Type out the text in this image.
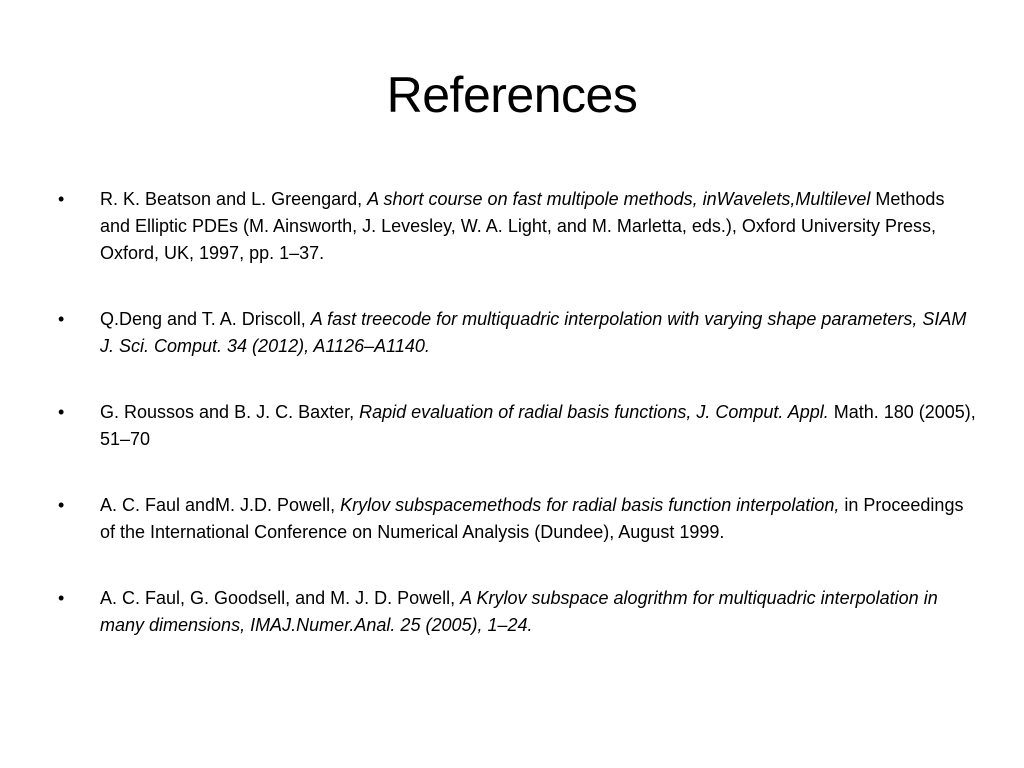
References
•	R. K. Beatson and L. Greengard, A short course on fast multipole methods, inWavelets,Multilevel Methods and Elliptic PDEs (M. Ainsworth, J. Levesley, W. A. Light, and M. Marletta, eds.), Oxford University Press, Oxford, UK, 1997, pp. 1–37.
•	Q.Deng and T. A. Driscoll, A fast treecode for multiquadric interpolation with varying shape parameters, SIAM J. Sci. Comput. 34 (2012), A1126–A1140.
•	G. Roussos and B. J. C. Baxter, Rapid evaluation of radial basis functions, J. Comput. Appl. Math. 180 (2005), 51–70
•	A. C. Faul andM. J.D. Powell, Krylov subspacemethods for radial basis function interpolation, in Proceedings of the International Conference on Numerical Analysis (Dundee), August 1999.
•	A. C. Faul, G. Goodsell, and M. J. D. Powell, A Krylov subspace alogrithm for multiquadric interpolation in many dimensions, IMAJ.Numer.Anal. 25 (2005), 1–24.
